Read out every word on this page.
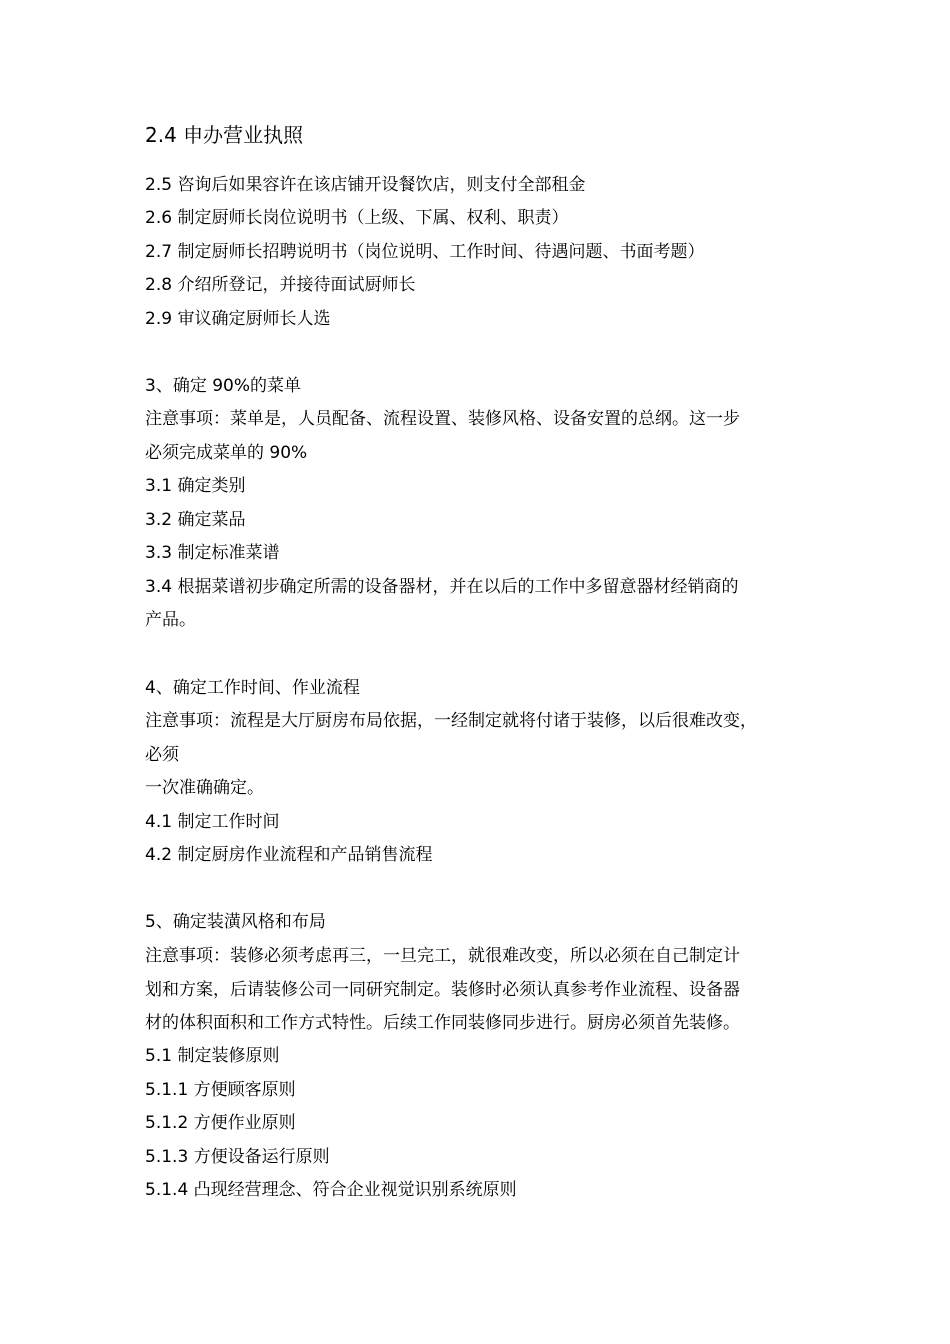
2.4 申办营业执照
2.5 咨询后如果容许在该店铺开设餐饮店，则支付全部租金
2.6 制定厨师长岗位说明书（上级、下属、权利、职责）
2.7 制定厨师长招聘说明书（岗位说明、工作时间、待遇问题、书面考题）
2.8 介绍所登记，并接待面试厨师长
2.9 审议确定厨师长人选
3、确定 90%的菜单
注意事项：菜单是，人员配备、流程设置、装修风格、设备安置的总纲。这一步
必须完成菜单的 90%
3.1 确定类别
3.2 确定菜品
3.3 制定标准菜谱
3.4 根据菜谱初步确定所需的设备器材，并在以后的工作中多留意器材经销商的
产品。
4、确定工作时间、作业流程
注意事项：流程是大厅厨房布局依据，一经制定就将付诸于装修，以后很难改变，
必须
一次准确确定。
4.1 制定工作时间
4.2 制定厨房作业流程和产品销售流程
5、确定装潢风格和布局
注意事项：装修必须考虑再三，一旦完工，就很难改变，所以必须在自己制定计
划和方案，后请装修公司一同研究制定。装修时必须认真参考作业流程、设备器
材的体积面积和工作方式特性。后续工作同装修同步进行。厨房必须首先装修。
5.1 制定装修原则
5.1.1 方便顾客原则
5.1.2 方便作业原则
5.1.3 方便设备运行原则
5.1.4 凸现经营理念、符合企业视觉识别系统原则
